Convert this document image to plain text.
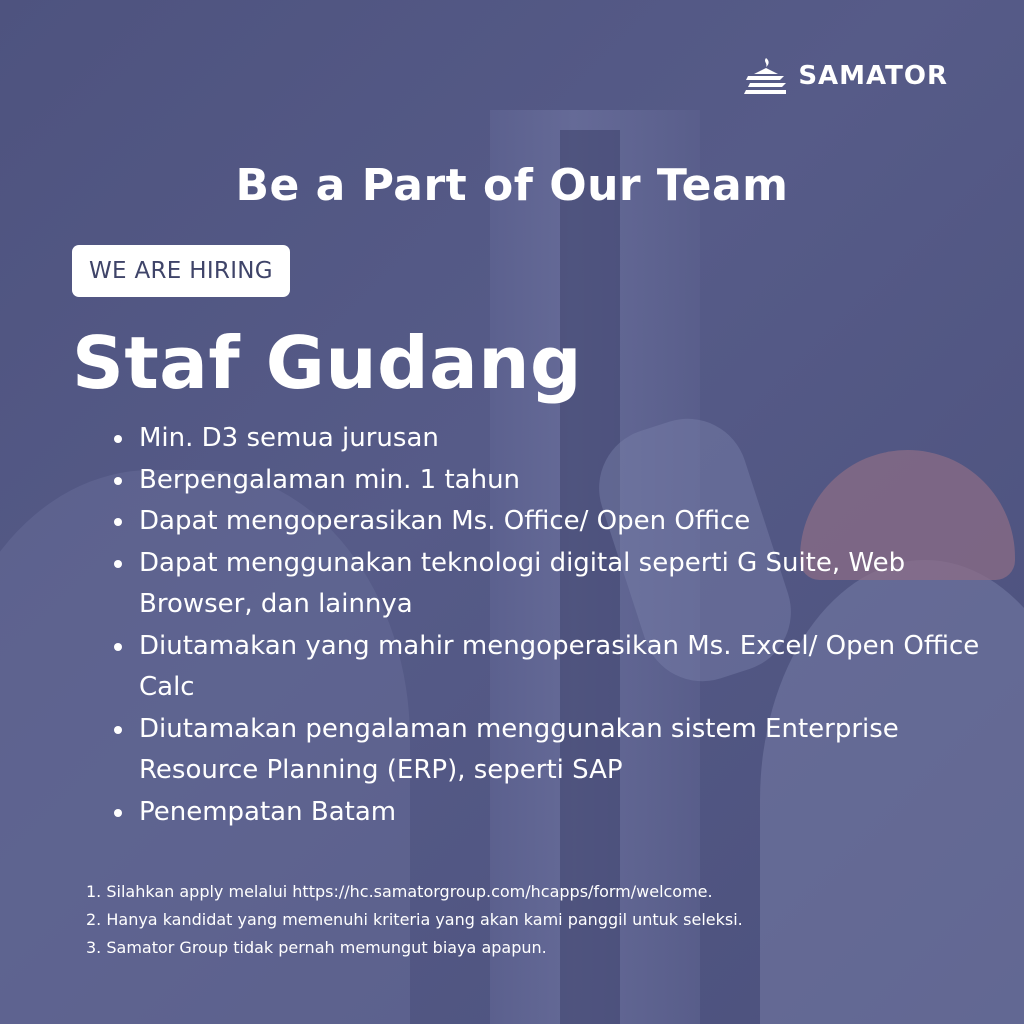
SAMATOR
Be a Part of Our Team
WE ARE HIRING
Staf Gudang
Min. D3 semua jurusan
Berpengalaman min. 1 tahun
Dapat mengoperasikan Ms. Office/ Open Office
Dapat menggunakan teknologi digital seperti G Suite, Web Browser, dan lainnya
Diutamakan yang mahir mengoperasikan Ms. Excel/ Open Office Calc
Diutamakan pengalaman menggunakan sistem Enterprise Resource Planning (ERP), seperti SAP
Penempatan Batam
1. Silahkan apply melalui https://hc.samatorgroup.com/hcapps/form/welcome.
2. Hanya kandidat yang memenuhi kriteria yang akan kami panggil untuk seleksi.
3. Samator Group tidak pernah memungut biaya apapun.
